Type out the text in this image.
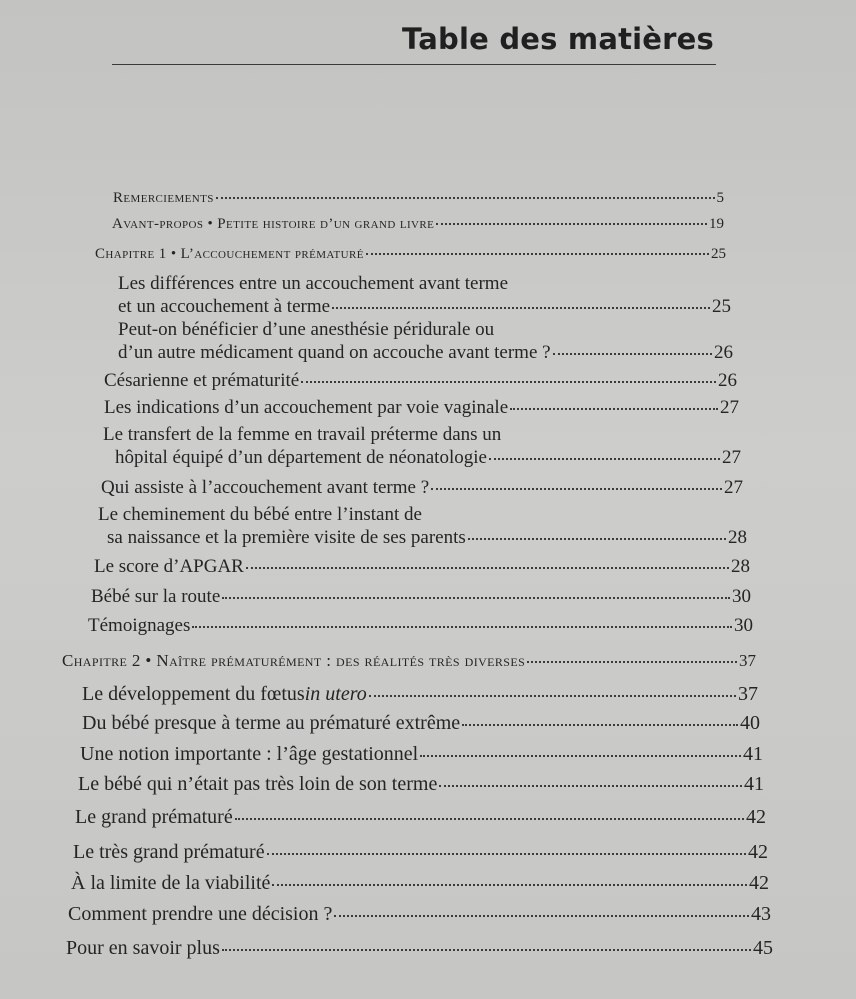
Table des matières
Remerciements	5
Avant-propos • Petite histoire d’un grand livre	19
Chapitre 1 • L’accouchement prématuré	25
Les différences entre un accouchement avant terme
et un accouchement à terme	25
Peut-on bénéficier d’une anesthésie péridurale ou
d’un autre médicament quand on accouche avant terme ?	26
Césarienne et prématurité	26
Les indications d’un accouchement par voie vaginale	27
Le transfert de la femme en travail préterme dans un
hôpital équipé d’un département de néonatologie	27
Qui assiste à l’accouchement avant terme ?	27
Le cheminement du bébé entre l’instant de
sa naissance et la première visite de ses parents	28
Le score d’APGAR	28
Bébé sur la route	30
Témoignages	30
Chapitre 2 • Naître prématurément : des réalités très diverses	37
Le développement du fœtus in utero	37
Du bébé presque à terme au prématuré extrême	40
Une notion importante : l’âge gestationnel	41
Le bébé qui n’était pas très loin de son terme	41
Le grand prématuré	42
Le très grand prématuré	42
À la limite de la viabilité	42
Comment prendre une décision ?	43
Pour en savoir plus	45
